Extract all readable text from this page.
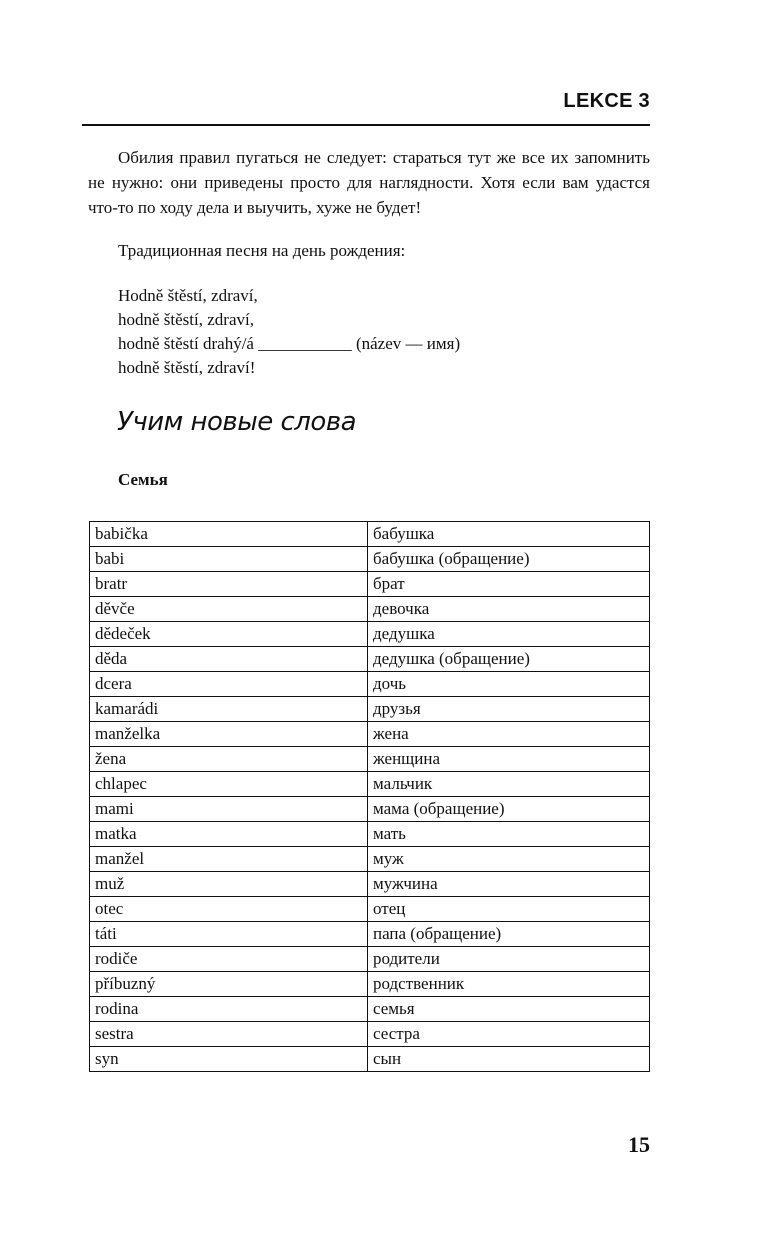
LEKCE 3

Обилия правил пугаться не следует: стараться тут же все их запомнить не нужно: они приведены просто для наглядности. Хотя если вам удастся что-то по ходу дела и выучить, хуже не будет!

Традиционная песня на день рождения:

Hodně štěstí, zdraví,
hodně štěstí, zdraví,
hodně štěstí drahý/á ___________ (název — имя)
hodně štěstí, zdraví!
Учим новые слова

Семья

babička	бабушка
babi	бабушка (обращение)
bratr	брат
děvče	девочка
dědeček	дедушка
děda	дедушка (обращение)
dcera	дочь
kamarádi	друзья
manželka	жена
žena	женщина
chlapec	мальчик
mami	мама (обращение)
matka	мать
manžel	муж
muž	мужчина
otec	отец
táti	папа (обращение)
rodiče	родители
příbuzný	родственник
rodina	семья
sestra	сестра
syn	сын
15
